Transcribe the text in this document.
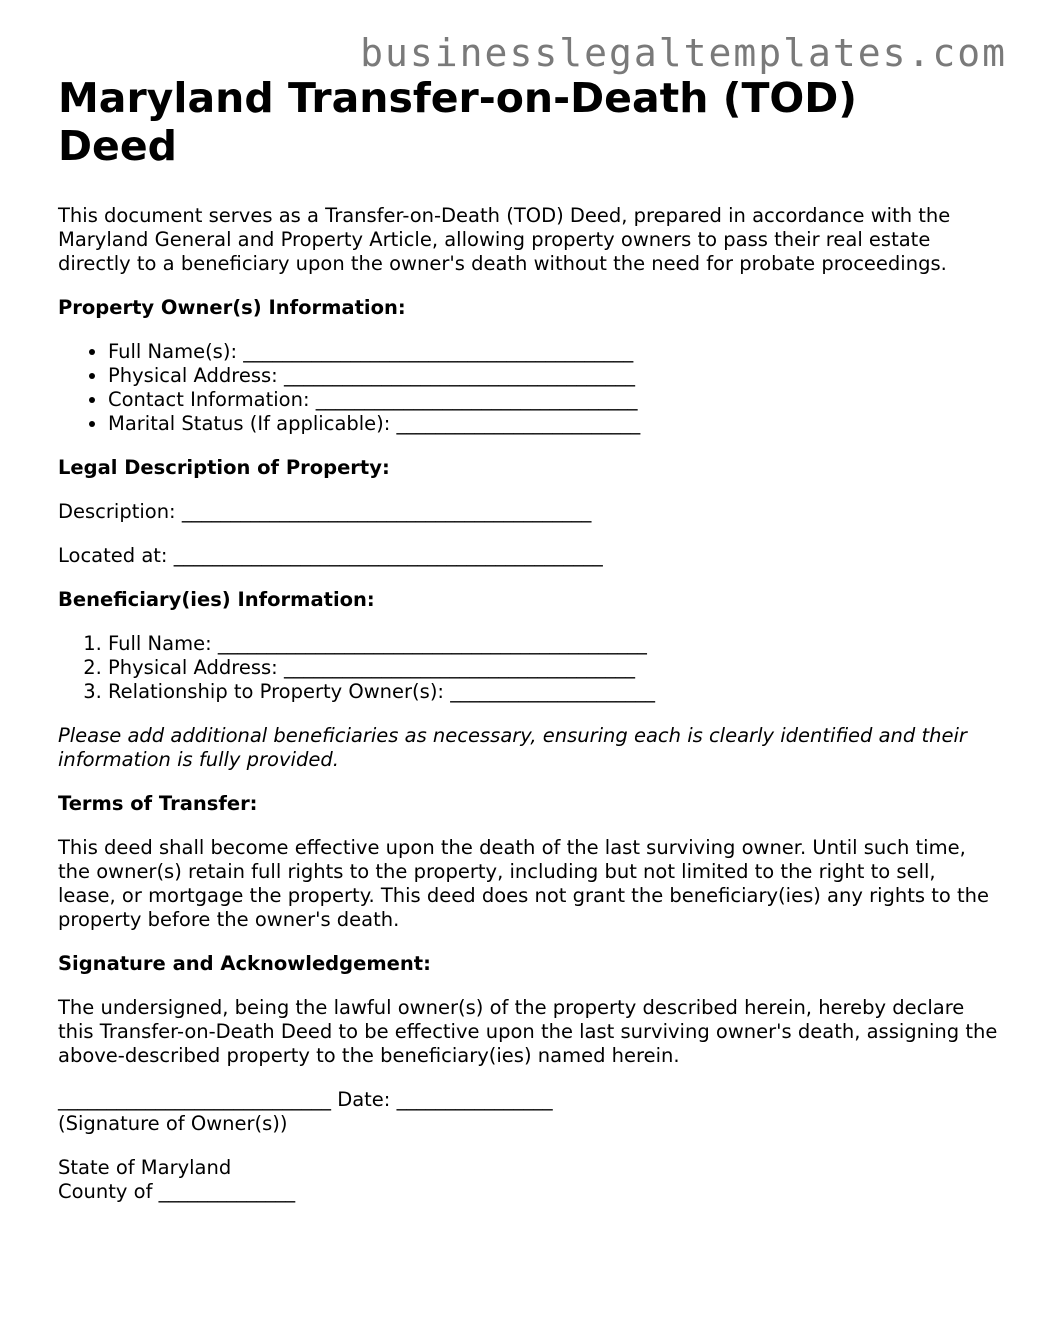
businesslegaltemplates.com
Maryland Transfer-on-Death (TOD) Deed

This document serves as a Transfer-on-Death (TOD) Deed, prepared in accordance with the Maryland General and Property Article, allowing property owners to pass their real estate directly to a beneficiary upon the owner's death without the need for probate proceedings.

Property Owner(s) Information:
• Full Name(s): ________________________________________
• Physical Address: ____________________________________
• Contact Information: _________________________________
• Marital Status (If applicable): _________________________
Legal Description of Property:

Description: __________________________________________

Located at: ____________________________________________

Beneficiary(ies) Information:
1. Full Name: ____________________________________________
2. Physical Address: ____________________________________
3. Relationship to Property Owner(s): _____________________

Please add additional beneficiaries as necessary, ensuring each is clearly identified and their information is fully provided.

Terms of Transfer:

This deed shall become effective upon the death of the last surviving owner. Until such time, the owner(s) retain full rights to the property, including but not limited to the right to sell, lease, or mortgage the property. This deed does not grant the beneficiary(ies) any rights to the property before the owner's death.

Signature and Acknowledgement:

The undersigned, being the lawful owner(s) of the property described herein, hereby declare this Transfer-on-Death Deed to be effective upon the last surviving owner's death, assigning the above-described property to the beneficiary(ies) named herein.

____________________________ Date: ________________
(Signature of Owner(s))
State of Maryland
County of ______________
